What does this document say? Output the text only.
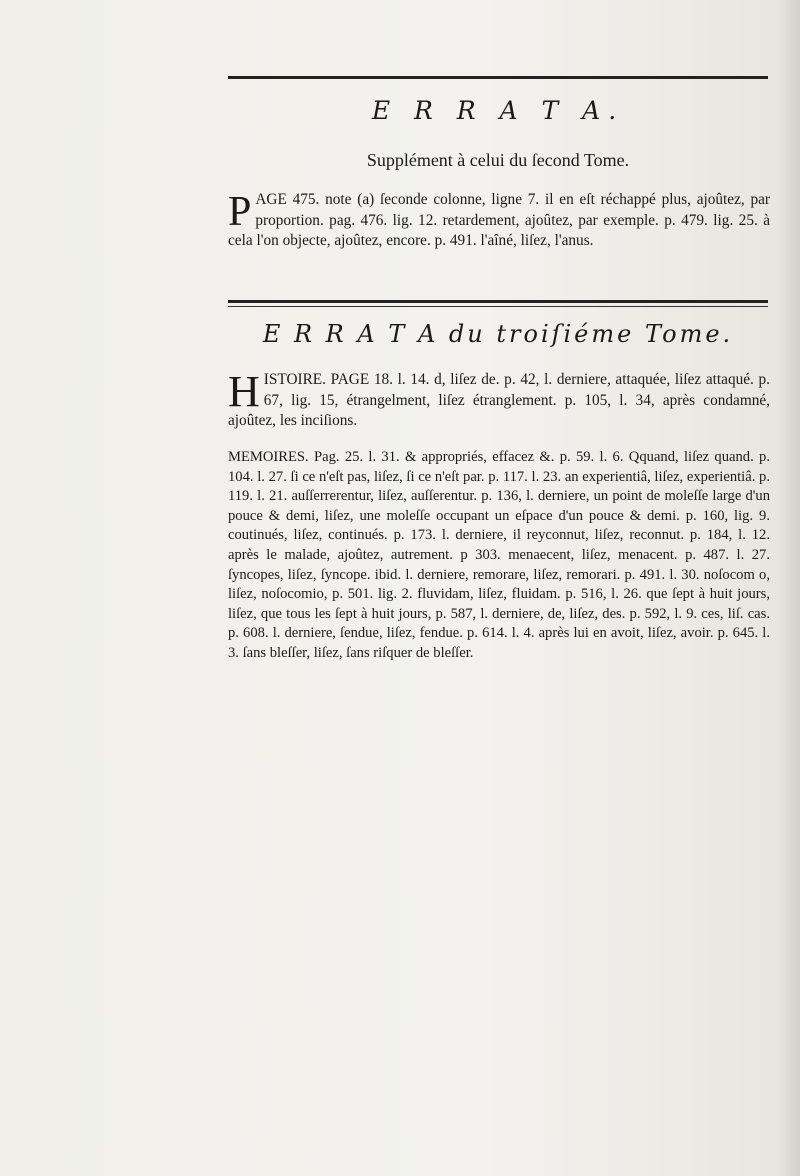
E R R A T A.
Supplément à celui du ſecond Tome.
P AGE 475. note (a) ſeconde colonne, ligne 7. il en eſt réchappé plus, ajoûtez, par proportion. pag. 476. lig. 12. retardement, ajoûtez, par exemple. p. 479. lig. 25. à cela l'on objecte, ajoûtez, encore. p. 491. l'aîné, liſez, l'anus.

E R R A T A du troiſiéme Tome.
H ISTOIRE. PAGE 18. l. 14. d, liſez de. p. 42, l. derniere, attaquée, liſez attaqué. p. 67, lig. 15, étrangelment, liſez étranglement. p. 105, l. 34, après condamné, ajoûtez, les inciſions.

MEMOIRES. Pag. 25. l. 31. & appropriés, effacez &. p. 59. l. 6. Qquand, liſez quand. p. 104. l. 27. ſi ce n'eſt pas, liſez, ſi ce n'eſt par. p. 117. l. 23. an experientiâ, liſez, experientiâ. p. 119. l. 21. auſſerrerentur, liſez, auſſerentur. p. 136, l. derniere, un point de moleſſe large d'un pouce & demi, liſez, une moleſſe occupant un eſpace d'un pouce & demi. p. 160, lig. 9. coutinués, liſez, continués. p. 173. l. derniere, il reyconnut, liſez, reconnut. p. 184, l. 12. après le malade, ajoûtez, autrement. p 303. menaecent, liſez, menacent. p. 487. l. 27. ſyncopes, liſez, ſyncope. ibid. l. derniere, remorare, liſez, remorari. p. 491. l. 30. noſocom o, liſez, noſocomio, p. 501. lig. 2. fluvidam, liſez, fluidam. p. 516, l. 26. que ſept à huit jours, liſez, que tous les ſept à huit jours, p. 587, l. derniere, de, liſez, des. p. 592, l. 9. ces, liſ. cas. p. 608. l. derniere, ſendue, liſez, fendue. p. 614. l. 4. après lui en avoit, liſez, avoir. p. 645. l. 3. ſans bleſſer, liſez, ſans riſquer de bleſſer.
